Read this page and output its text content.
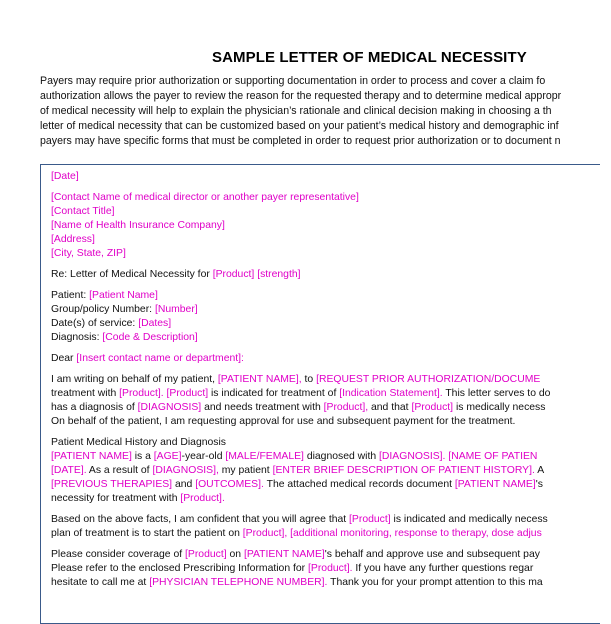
SAMPLE LETTER OF MEDICAL NECESSITY
Payers may require prior authorization or supporting documentation in order to process and cover a claim fo
authorization allows the payer to review the reason for the requested therapy and to determine medical appropr
of medical necessity will help to explain the physician’s rationale and clinical decision making in choosing a th
letter of medical necessity that can be customized based on your patient’s medical history and demographic inf
payers may have specific forms that must be completed in order to request prior authorization or to document n
[Date]
[Contact Name of medical director or another payer representative]
[Contact Title]
[Name of Health Insurance Company]
[Address]
[City, State, ZIP]
Re: Letter of Medical Necessity for [Product] [strength]
Patient: [Patient Name]
Group/policy Number: [Number]
Date(s) of service: [Dates]
Diagnosis: [Code & Description]
Dear [Insert contact name or department]:
I am writing on behalf of my patient, [PATIENT NAME], to [REQUEST PRIOR AUTHORIZATION/DOCUME
treatment with [Product]. [Product] is indicated for treatment of [Indication Statement]. This letter serves to do
has a diagnosis of [DIAGNOSIS] and needs treatment with [Product], and that [Product] is medically necess
On behalf of the patient, I am requesting approval for use and subsequent payment for the treatment.
Patient Medical History and Diagnosis
[PATIENT NAME] is a [AGE]-year-old [MALE/FEMALE] diagnosed with [DIAGNOSIS]. [NAME OF PATIEN
[DATE]. As a result of [DIAGNOSIS], my patient [ENTER BRIEF DESCRIPTION OF PATIENT HISTORY]. A
[PREVIOUS THERAPIES] and [OUTCOMES]. The attached medical records document [PATIENT NAME]'s
necessity for treatment with [Product].
Based on the above facts, I am confident that you will agree that [Product] is indicated and medically necess
plan of treatment is to start the patient on [Product], [additional monitoring, response to therapy, dose adjus
Please consider coverage of [Product] on [PATIENT NAME]'s behalf and approve use and subsequent pay
Please refer to the enclosed Prescribing Information for [Product]. If you have any further questions regar
hesitate to call me at [PHYSICIAN TELEPHONE NUMBER]. Thank you for your prompt attention to this ma
